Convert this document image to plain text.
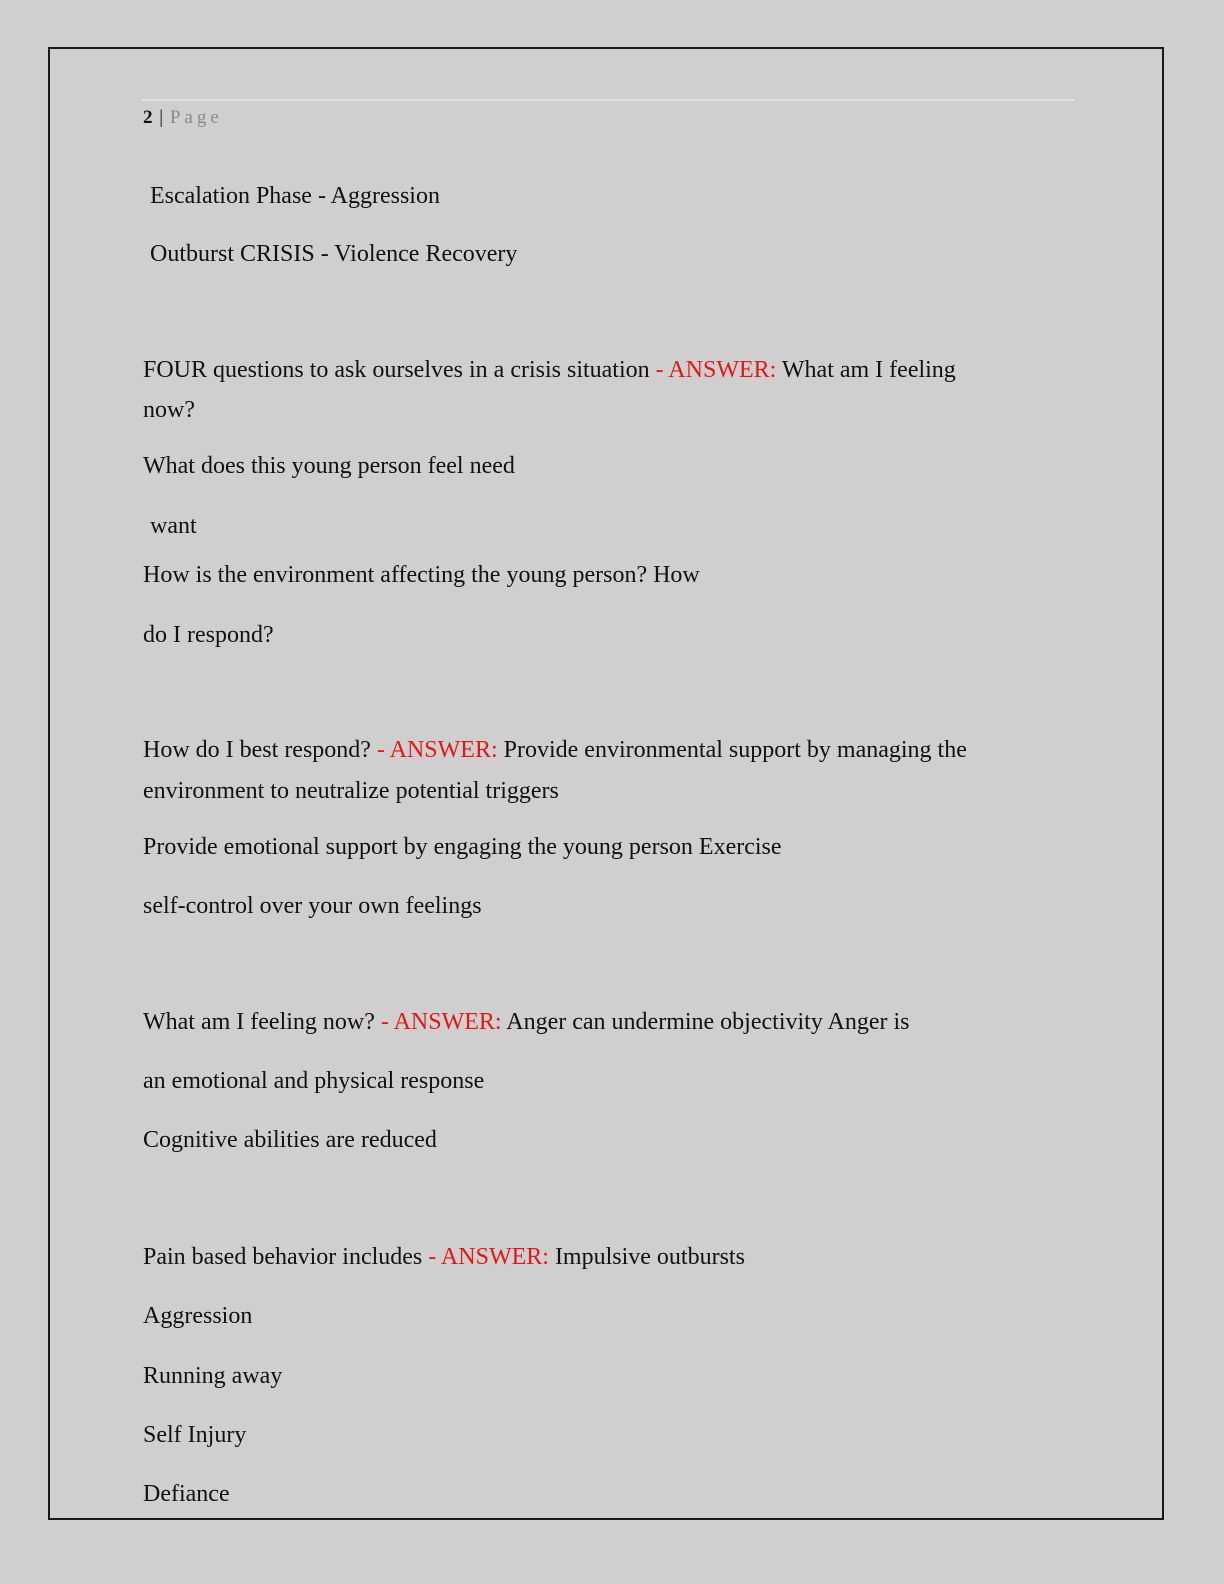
2 | Page
Escalation Phase - Aggression
Outburst CRISIS - Violence Recovery
FOUR questions to ask ourselves in a crisis situation - ANSWER: What am I feeling
now?
What does this young person feel need
want
How is the environment affecting the young person? How
do I respond?
How do I best respond? - ANSWER: Provide environmental support by managing the
environment to neutralize potential triggers
Provide emotional support by engaging the young person Exercise
self-control over your own feelings
What am I feeling now? - ANSWER: Anger can undermine objectivity Anger is
an emotional and physical response
Cognitive abilities are reduced
Pain based behavior includes - ANSWER: Impulsive outbursts
Aggression
Running away
Self Injury
Defiance
